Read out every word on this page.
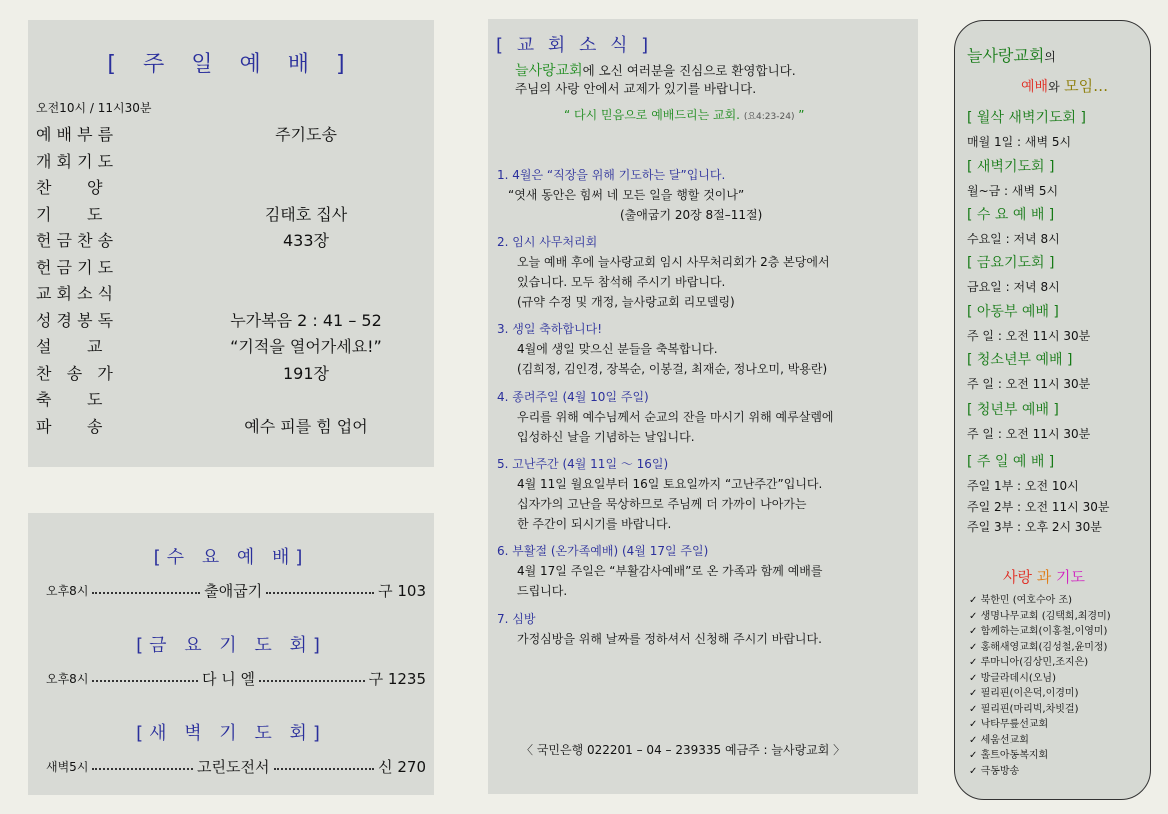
[ 주 일 예 배 ]
오전10시 / 11시30분
예 배 부 름	주기도송
개 회 기 도
찬       양
기       도	김태호 집사
헌 금 찬 송	433장
헌 금 기 도
교 회 소 식
성 경 봉 독	누가복음 2 : 41 – 52
설       교	“기적을 열어가세요!”
찬   송   가	191장
축       도
파       송	예수 피를 힘 업어
[수 요 예 배]
오후8시	출애굽기	구 103
[금 요 기 도 회]
오후8시	다 니 엘	구 1235
[새 벽 기 도 회]
새벽5시	고린도전서	신 270
[ 교 회 소 식 ]
늘사랑교회에 오신 여러분을 진심으로 환영합니다.
주님의 사랑 안에서 교제가 있기를 바랍니다.
“ 다시 믿음으로 예배드리는 교회. (요4:23-24) ”
1. 4월은 “직장을 위해 기도하는 달”입니다.
“엿새 동안은 힘써 네 모든 일을 행할 것이나”
(출애굽기 20장 8절–11절)
2. 임시 사무처리회
오늘 예배 후에 늘사랑교회 임시 사무처리회가 2층 본당에서
있습니다. 모두 참석해 주시기 바랍니다.
(규약 수정 및 개정, 늘사랑교회 리모델링)
3. 생일 축하합니다!
4월에 생일 맞으신 분들을 축복합니다.
(김희정, 김인경, 장복순, 이봉걸, 최재순, 정나오미, 박용란)
4. 종려주일 (4월 10일 주일)
우리를 위해 예수님께서 순교의 잔을 마시기 위해 예루살렘에
입성하신 날을 기념하는 날입니다.
5. 고난주간 (4월 11일 ～ 16일)
4월 11일 월요일부터 16일 토요일까지 “고난주간”입니다.
십자가의 고난을 묵상하므로 주님께 더 가까이 나아가는
한 주간이 되시기를 바랍니다.
6. 부활절 (온가족예배) (4월 17일 주일)
4월 17일 주일은 “부활감사예배”로 온 가족과 함께 예배를
드립니다.
7. 심방
가정심방을 위해 날짜를 정하셔서 신청해 주시기 바랍니다.
〈 국민은행 022201 – 04 – 239335 예금주 : 늘사랑교회 〉
늘사랑교회의
예배와 모임…
[ 월삭 새벽기도회 ]
매월 1일 : 새벽 5시
[ 새벽기도회 ]
월~금 : 새벽 5시
[ 수 요 예 배 ]
수요일 : 저녁 8시
[ 금요기도회 ]
금요일 : 저녁 8시
[ 아동부 예배 ]
주 일 : 오전 11시 30분
[ 청소년부 예배 ]
주 일 : 오전 11시 30분
[ 청년부 예배 ]
주 일 : 오전 11시 30분
[ 주 일 예 배 ]
주일 1부 : 오전 10시
주일 2부 : 오전 11시 30분
주일 3부 : 오후 2시 30분
사랑 과 기도
✓ 북한민 (여호수아 조)
✓ 생명나무교회 (김택희,최경미)
✓ 함께하는교회(이홍철,이영미)
✓ 홍해새영교회(김성철,윤미정)
✓ 루마니아(김상민,조지은)
✓ 방글라데시(오님)
✓ 필리핀(이은덕,이경미)
✓ 필리핀(마리빅,차빗걸)
✓ 낙타무릎선교회
✓ 세움선교회
✓ 홀트아동복지회
✓ 극동방송
